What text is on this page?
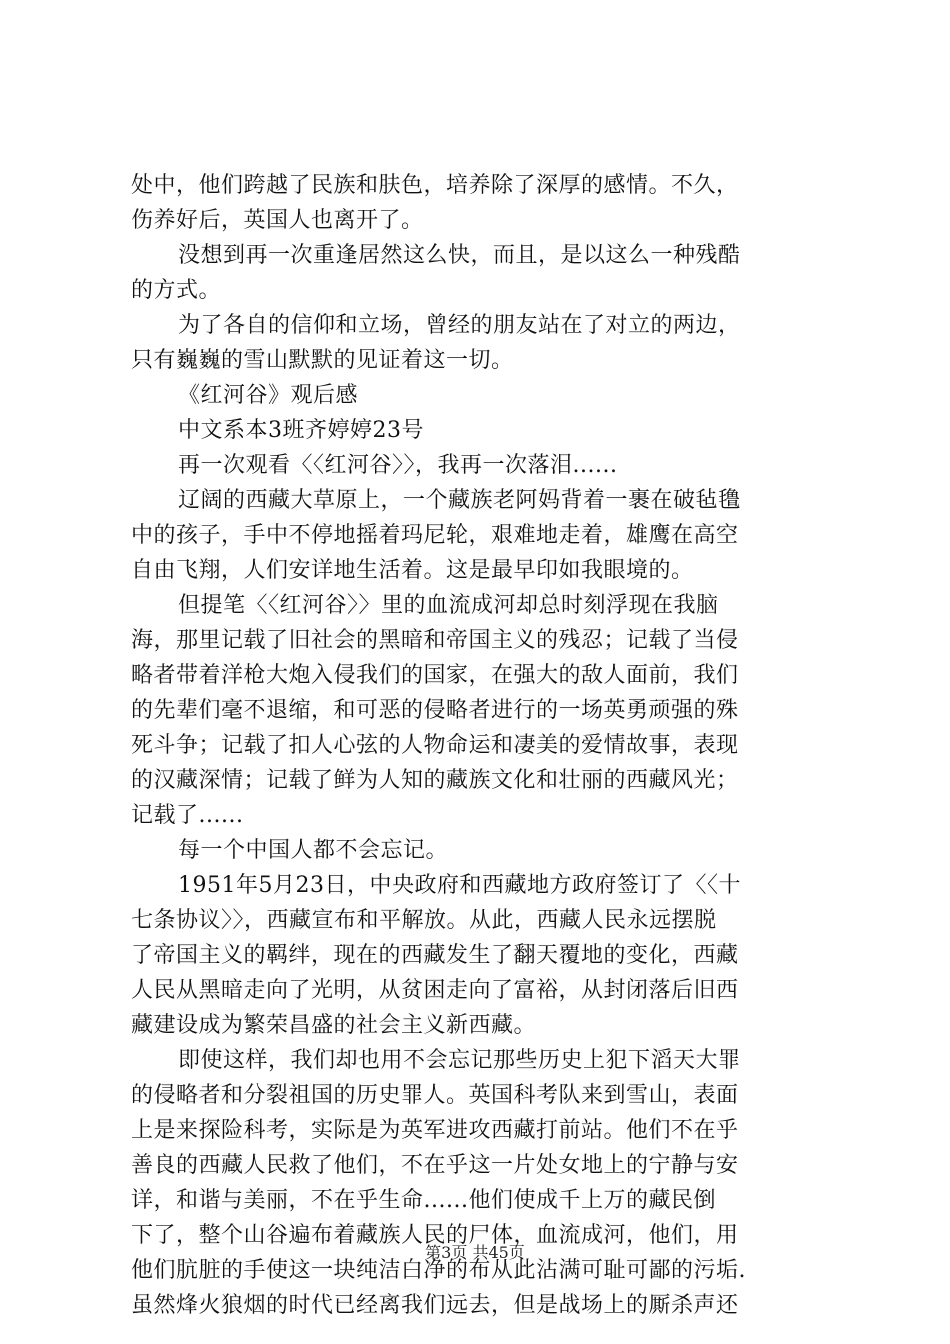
处中，他们跨越了民族和肤色，培养除了深厚的感情。不久，
伤养好后，英国人也离开了。
没想到再一次重逢居然这么快，而且，是以这么一种残酷
的方式。
为了各自的信仰和立场，曾经的朋友站在了对立的两边，
只有巍巍的雪山默默的见证着这一切。
《红河谷》观后感
中文系本3班齐婷婷23号
再一次观看〈〈红河谷〉〉，我再一次落泪......
辽阔的西藏大草原上，一个藏族老阿妈背着一裹在破毡氇
中的孩子，手中不停地摇着玛尼轮，艰难地走着，雄鹰在高空
自由飞翔，人们安详地生活着。这是最早印如我眼境的。
但提笔〈〈红河谷〉〉里的血流成河却总时刻浮现在我脑
海，那里记载了旧社会的黑暗和帝国主义的残忍；记载了当侵
略者带着洋枪大炮入侵我们的国家，在强大的敌人面前，我们
的先辈们毫不退缩，和可恶的侵略者进行的一场英勇顽强的殊
死斗争；记载了扣人心弦的人物命运和凄美的爱情故事，表现
的汉藏深情；记载了鲜为人知的藏族文化和壮丽的西藏风光；
记载了......
每一个中国人都不会忘记。
1951年5月23日，中央政府和西藏地方政府签订了〈〈十
七条协议〉〉，西藏宣布和平解放。从此，西藏人民永远摆脱
了帝国主义的羁绊，现在的西藏发生了翻天覆地的变化，西藏
人民从黑暗走向了光明，从贫困走向了富裕，从封闭落后旧西
藏建设成为繁荣昌盛的社会主义新西藏。
即使这样，我们却也用不会忘记那些历史上犯下滔天大罪
的侵略者和分裂祖国的历史罪人。英国科考队来到雪山，表面
上是来探险科考，实际是为英军进攻西藏打前站。他们不在乎
善良的西藏人民救了他们，不在乎这一片处女地上的宁静与安
详，和谐与美丽，不在乎生命......他们使成千上万的藏民倒
下了，整个山谷遍布着藏族人民的尸体，血流成河，他们，用
他们肮脏的手使这一块纯洁白净的布从此沾满可耻可鄙的污垢.
虽然烽火狼烟的时代已经离我们远去，但是战场上的厮杀声还
第3页 共45页
